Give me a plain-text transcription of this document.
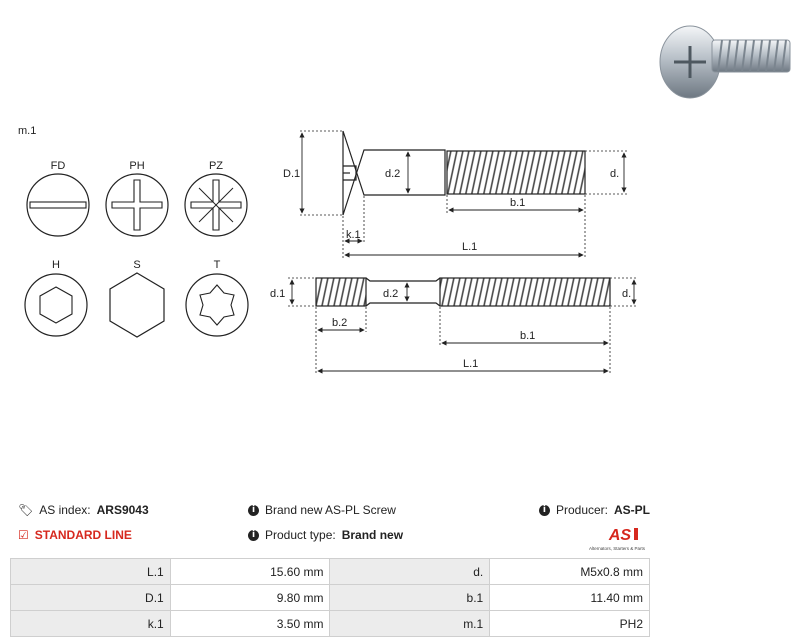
m.1
FD	PH	PZ
H	S	T
D.1	d.2	d.
b.1
k.1
L.1
d.1	d.2	d.
b.2
b.1
L.1
🏷︎ AS index: ARS9043	i Brand new AS-PL Screw	i Producer: AS-PL
☑ STANDARD LINE	i Product type: Brand new	AS
Alternators, Starters & Parts
L.1	15.60 mm	d.	M5x0.8 mm
D.1	9.80 mm	b.1	11.40 mm
k.1	3.50 mm	m.1	PH2
